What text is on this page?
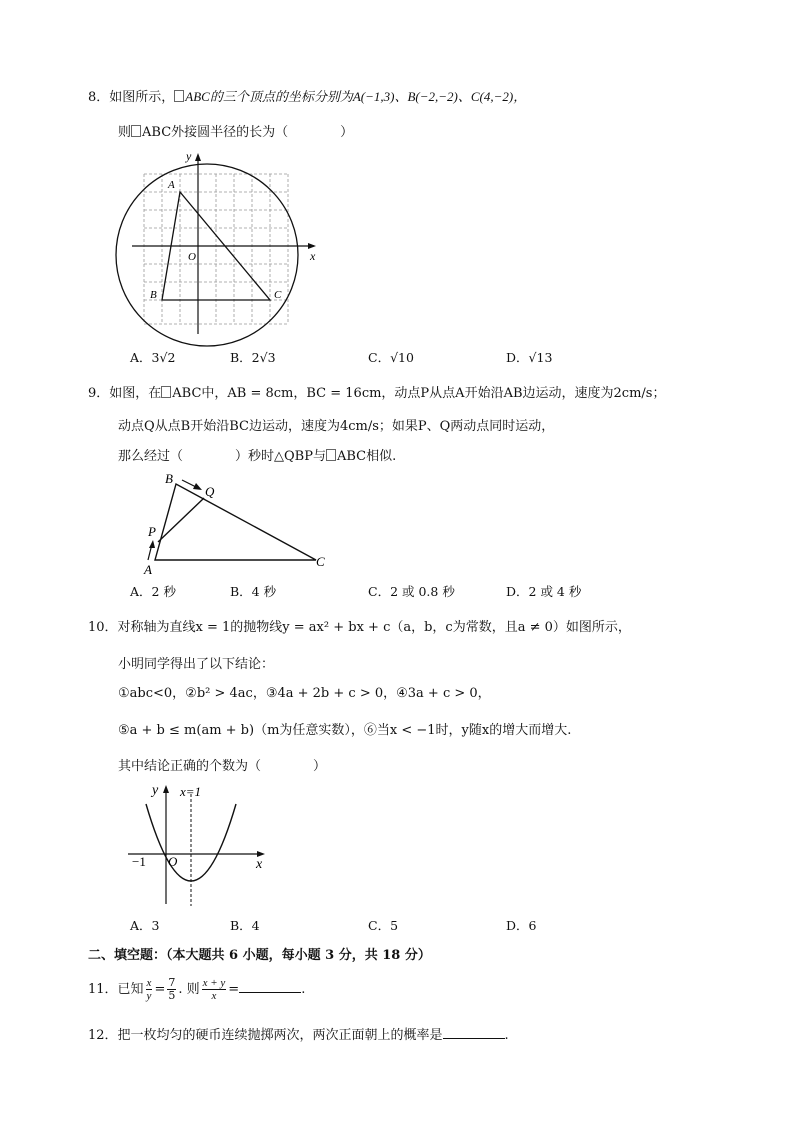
8．如图所示， ABC的三个顶点的坐标分别为A(−1,3)、B(−2,−2)、C(4,−2)，
则 ABC外接圆半径的长为（　　　　）
y
x
O
A
B	C
A．3√2	B．2√3	C．√10	D．√13
9．如图，在 ABC中，AB = 8cm，BC = 16cm，动点P从点A开始沿AB边运动，速度为2cm/s；
动点Q从点B开始沿BC边运动，速度为4cm/s；如果P、Q两动点同时运动，
那么经过（　　　　）秒时△QBP与 ABC相似.
B
Q
P
A
C
A．2 秒	B．4 秒	C．2 或 0.8 秒	D．2 或 4 秒
10．对称轴为直线x = 1的抛物线y = ax² + bx + c（a，b，c为常数，且a ≠ 0）如图所示，
小明同学得出了以下结论：
①abc<0，②b² > 4ac，③4a + 2b + c > 0，④3a + c > 0，
⑤a + b ≤ m(am + b)（m为任意实数），⑥当x < −1时，y随x的增大而增大.
其中结论正确的个数为（　　　　）
y x=1
x
O
−1
A．3	B．4	C．5	D．6
二、填空题：（本大题共 6 小题，每小题 3 分，共 18 分）
11．已知 $\frac{x}{y} = \frac{7}{5}$ . 则 $\frac{x + y}{x}$ =	.
12．把一枚均匀的硬币连续抛掷两次，两次正面朝上的概率是	.
